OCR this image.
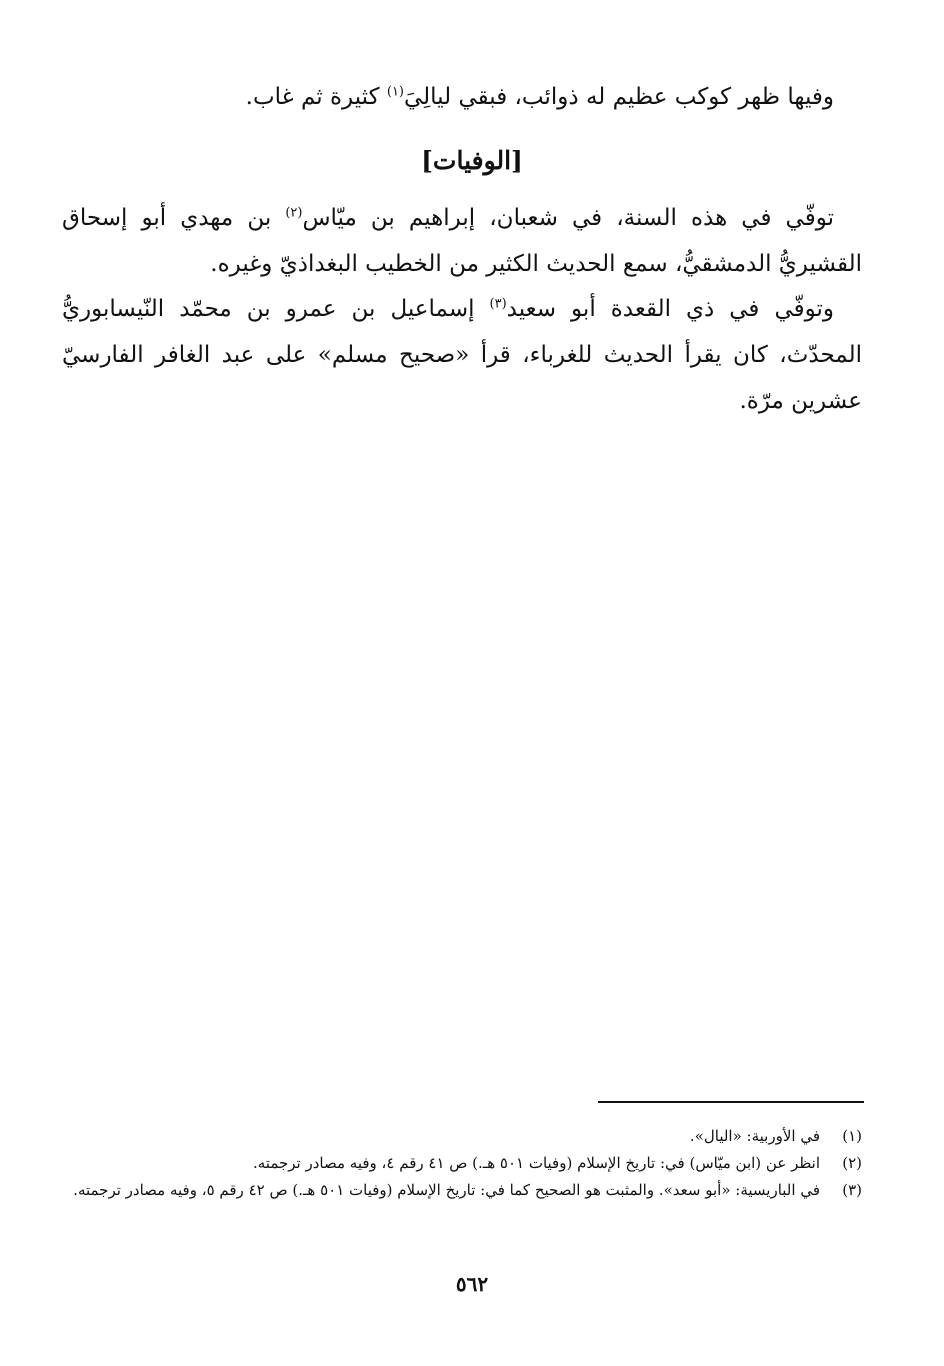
وفيها ظهر كوكب عظيم له ذوائب، فبقي ليالِيَ$^{(١)}$ كثيرة ثم غاب.

[الوفيات]

توفّي في هذه السنة، في شعبان، إبراهيم بن ميّاس$^{(٢)}$ بن مهدي أبو إسحاق القشيريُّ الدمشقيُّ، سمع الحديث الكثير من الخطيب البغداذيّ وغيره.

وتوفّي في ذي القعدة أبو سعيد$^{(٣)}$ إسماعيل بن عمرو بن محمّد النّيسابوريُّ المحدّث، كان يقرأ الحديث للغرباء، قرأ «صحيح مسلم» على عبد الغافر الفارسيّ عشرين مرّة.

(١)
في الأوربية: «اليال».
(٢)
انظر عن (ابن ميّاس) في: تاريخ الإسلام (وفيات ٥٠١ هـ.) ص ٤١ رقم ٤، وفيه مصادر ترجمته.
(٣)
في الباريسية: «أبو سعد». والمثبت هو الصحيح كما في: تاريخ الإسلام (وفيات ٥٠١ هـ.) ص ٤٢ رقم ٥، وفيه مصادر ترجمته.
٥٦٢
